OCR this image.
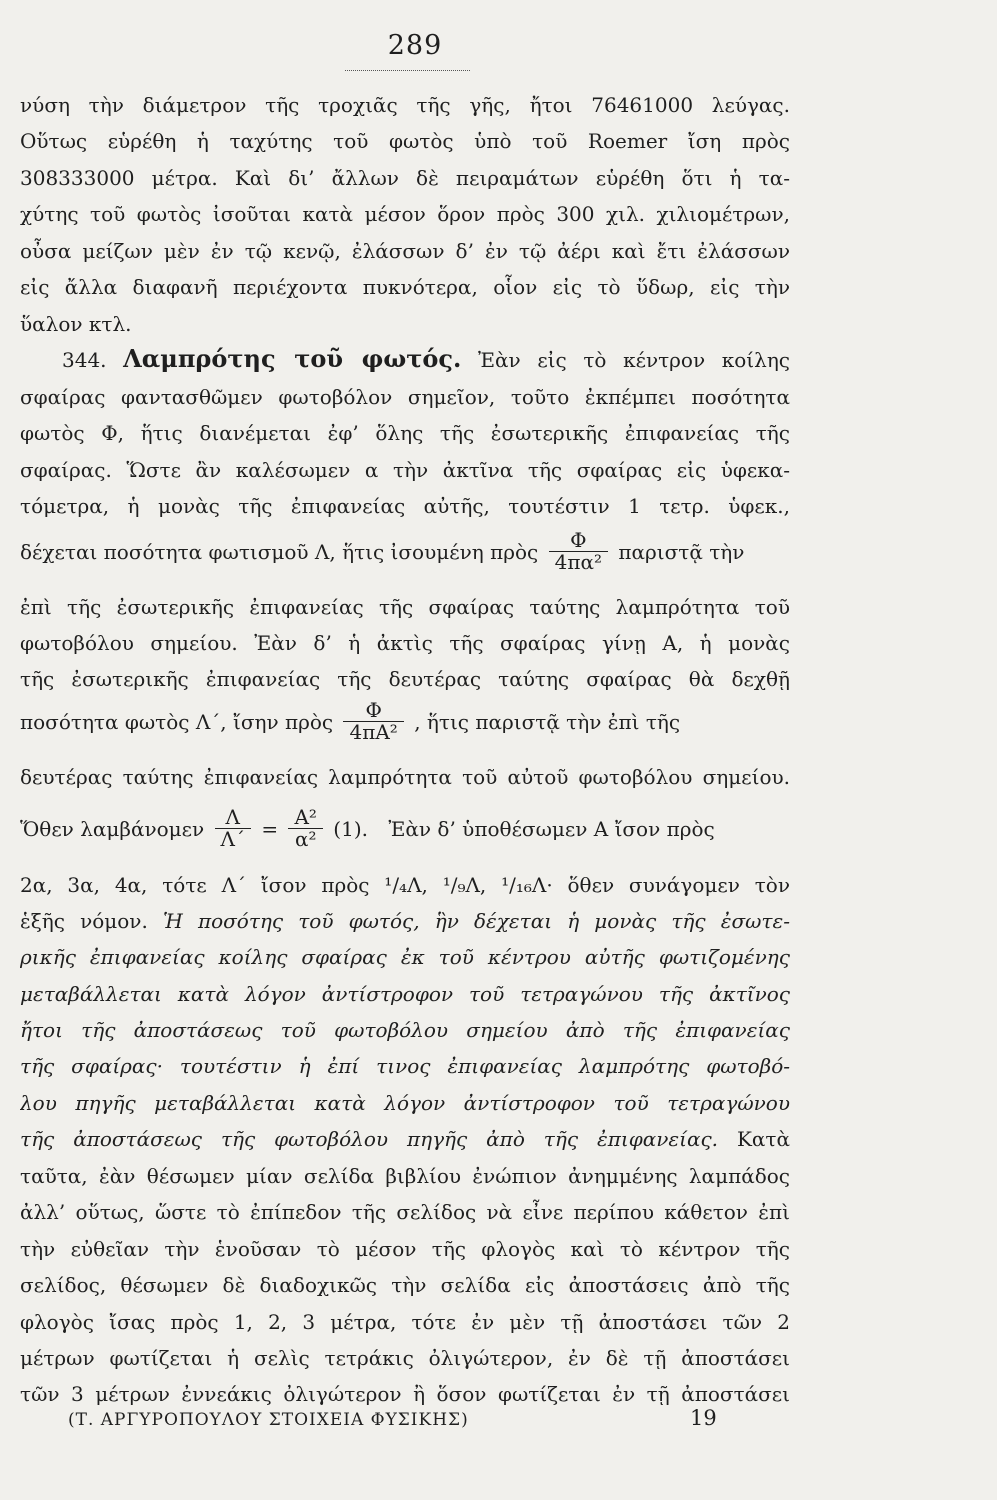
289
νύση τὴν διάμετρον τῆς τροχιᾶς τῆς γῆς, ἤτοι 76461000 λεύγας.
Οὕτως εὑρέθη ἡ ταχύτης τοῦ φωτὸς ὑπὸ τοῦ Roemer ἴση πρὸς
308333000 μέτρα. Καὶ δι’ ἄλλων δὲ πειραμάτων εὑρέθη ὅτι ἡ τα-
χύτης τοῦ φωτὸς ἰσοῦται κατὰ μέσον ὅρον πρὸς 300 χιλ. χιλιομέτρων,
οὖσα μείζων μὲν ἐν τῷ κενῷ, ἐλάσσων δ’ ἐν τῷ ἀέρι καὶ ἔτι ἐλάσσων
εἰς ἄλλα διαφανῆ περιέχοντα πυκνότερα, οἷον εἰς τὸ ὕδωρ, εἰς τὴν
ὕαλον κτλ.
344. Λαμπρότης τοῦ φωτός. Ἐὰν εἰς τὸ κέντρον κοίλης
σφαίρας φαντασθῶμεν φωτοβόλον σημεῖον, τοῦτο ἐκπέμπει ποσότητα
φωτὸς Φ, ἥτις διανέμεται ἐφ’ ὅλης τῆς ἐσωτερικῆς ἐπιφανείας τῆς
σφαίρας. Ὥστε ἂν καλέσωμεν α τὴν ἀκτῖνα τῆς σφαίρας εἰς ὑφεκα-
τόμετρα, ἡ μονὰς τῆς ἐπιφανείας αὐτῆς, τουτέστιν 1 τετρ. ὑφεκ.,
δέχεται ποσότητα φωτισμοῦ Λ, ἥτις ἰσουμένη πρὸς $\frac{\Phi}{\text{4πα²}}$ παριστᾷ τὴν
ἐπὶ τῆς ἐσωτερικῆς ἐπιφανείας τῆς σφαίρας ταύτης λαμπρότητα τοῦ
φωτοβόλου σημείου. Ἐὰν δ’ ἡ ἀκτὶς τῆς σφαίρας γίνῃ Α, ἡ μονὰς
τῆς ἐσωτερικῆς ἐπιφανείας τῆς δευτέρας ταύτης σφαίρας θὰ δεχθῇ
ποσότητα φωτὸς Λ΄, ἴσην πρὸς $\frac{\Phi}{\text{4πΑ²}}$ , ἥτις παριστᾷ τὴν ἐπὶ τῆς
δευτέρας ταύτης ἐπιφανείας λαμπρότητα τοῦ αὐτοῦ φωτοβόλου σημείου.
Ὅθεν λαμβάνομεν $\frac{\Lambda}{\Lambda΄} = \frac{\text{Α²}}{\text{α²}} (1)$. Ἐὰν δ’ ὑποθέσωμεν Α ἴσον πρὸς
2α, 3α, 4α, τότε Λ΄ ἴσον πρὸς ¹/₄Λ, ¹/₉Λ, ¹/₁₆Λ· ὅθεν συνάγομεν τὸν
ἑξῆς νόμον. Ἡ ποσότης τοῦ φωτός, ἣν δέχεται ἡ μονὰς τῆς ἐσωτε-
ρικῆς ἐπιφανείας κοίλης σφαίρας ἐκ τοῦ κέντρου αὐτῆς φωτιζομένης
μεταβάλλεται κατὰ λόγον ἀντίστροφον τοῦ τετραγώνου τῆς ἀκτῖνος
ἤτοι τῆς ἀποστάσεως τοῦ φωτοβόλου σημείου ἀπὸ τῆς ἐπιφανείας
τῆς σφαίρας· τουτέστιν ἡ ἐπί τινος ἐπιφανείας λαμπρότης φωτοβό-
λου πηγῆς μεταβάλλεται κατὰ λόγον ἀντίστροφον τοῦ τετραγώνου
τῆς ἀποστάσεως τῆς φωτοβόλου πηγῆς ἀπὸ τῆς ἐπιφανείας. Κατὰ
ταῦτα, ἐὰν θέσωμεν μίαν σελίδα βιβλίου ἐνώπιον ἀνημμένης λαμπάδος
ἀλλ’ οὕτως, ὥστε τὸ ἐπίπεδον τῆς σελίδος νὰ εἶνε περίπου κάθετον ἐπὶ
τὴν εὐθεῖαν τὴν ἑνοῦσαν τὸ μέσον τῆς φλογὸς καὶ τὸ κέντρον τῆς
σελίδος, θέσωμεν δὲ διαδοχικῶς τὴν σελίδα εἰς ἀποστάσεις ἀπὸ τῆς
φλογὸς ἴσας πρὸς 1, 2, 3 μέτρα, τότε ἐν μὲν τῇ ἀποστάσει τῶν 2
μέτρων φωτίζεται ἡ σελὶς τετράκις ὀλιγώτερον, ἐν δὲ τῇ ἀποστάσει
τῶν 3 μέτρων ἐννεάκις ὀλιγώτερον ἢ ὅσον φωτίζεται ἐν τῇ ἀποστάσει
(Τ. ΑΡΓΥΡΟΠΟΥΛΟΥ ΣΤΟΙΧΕΙΑ ΦΥΣΙΚΗΣ)	19
